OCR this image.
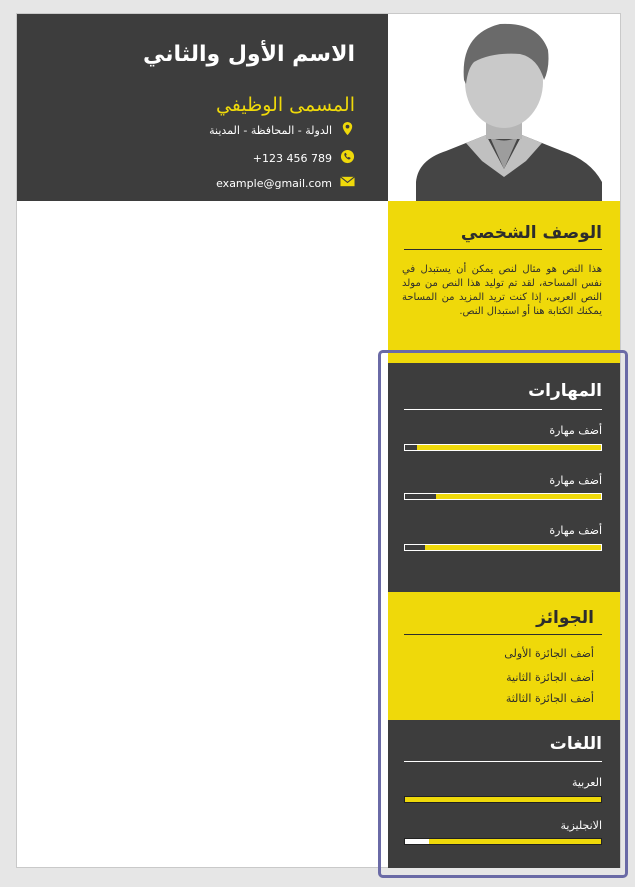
الاسم الأول والثاني
المسمى الوظيفي
الدولة - المحافظة - المدينة
+123 456 789
example@gmail.com
الوصف الشخصي
هذا النص هو مثال لنص يمكن أن يستبدل في نفس المساحة، لقد تم توليد هذا النص من مولد النص العربى، إذا كنت تريد المزيد من المساحة يمكنك الكتابة هنا أو استبدال النص.
المهارات
أضف مهارة
أضف مهارة
أضف مهارة
الجوائز
أضف الجائزة الأولى
أضف الجائزة الثانية
أضف الجائزة الثالثة
اللغات
العربية
الانجليزية
